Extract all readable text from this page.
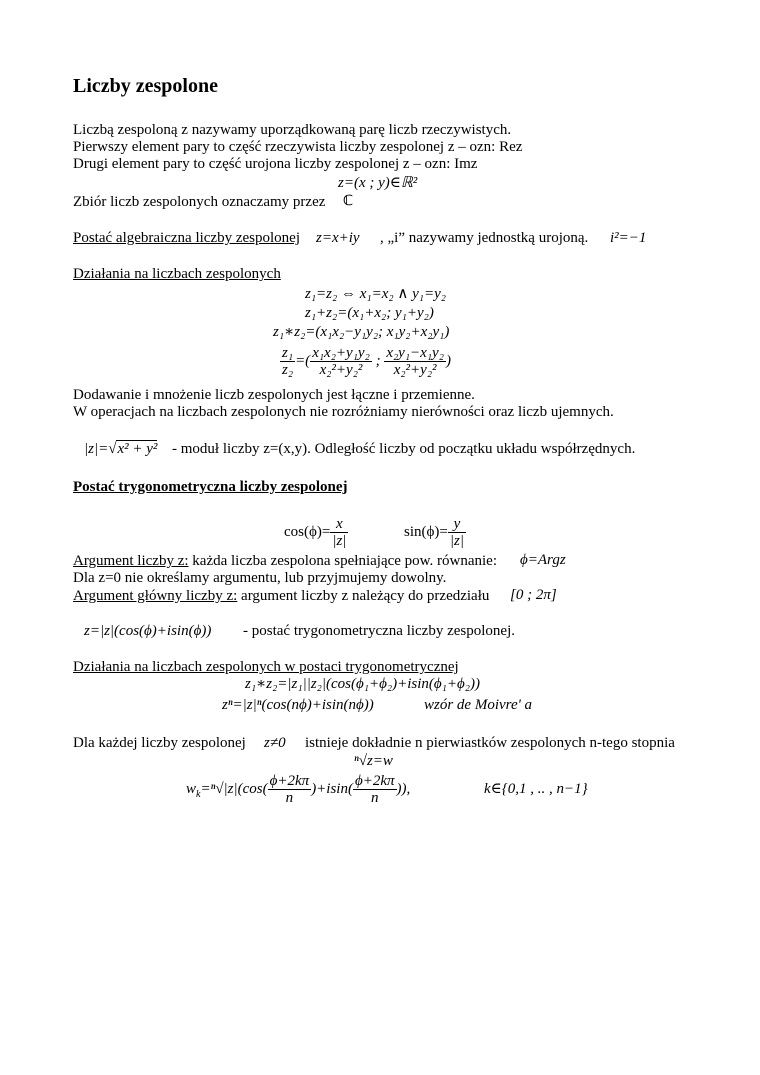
Liczby zespolone
Liczbą zespoloną z nazywamy uporządkowaną parę liczb rzeczywistych.
Pierwszy element pary to część rzeczywista liczby zespolonej z – ozn: Rez
Drugi element pary to część urojona liczby zespolonej z – ozn: Imz
z=(x ; y)∈ℝ²
Zbiór liczb zespolonych oznaczamy przez ℂ
Postać algebraiczna liczby zespolonej z=x+iy , „i” nazywamy jednostką urojoną. i²=−1
Działania na liczbach zespolonych
z₁=z₂ ⇔ x₁=x₂ ∧ y₁=y₂
z₁+z₂=(x₁+x₂; y₁+y₂)
z₁∗z₂=(x₁x₂−y₁y₂; x₁y₂+x₂y₁)
$\frac{\text{z₁}}{\text{z₂}}$ =( $\frac{\text{x₁x₂+y₁y₂}}{\text{x₂²+y₂²}}$ ; $\frac{\text{x₂y₁−x₁y₂}}{\text{x₂²+y₂²}}$ )
Dodawanie i mnożenie liczb zespolonych jest łączne i przemienne.
W operacjach na liczbach zespolonych nie rozróżniamy nierówności oraz liczb ujemnych.
|z|=√x² + y² - moduł liczby z=(x,y). Odległość liczby od początku układu współrzędnych.
Postać trygonometryczna liczby zespolonej
$\cos(\phi)= \frac{x}{|z|}$	$\sin(\phi)= \frac{y}{|z|}$
Argument liczby z: każda liczba zespolona spełniające pow. równanie: ϕ=Argz
Dla z=0 nie określamy argumentu, lub przyjmujemy dowolny.
Argument główny liczby z: argument liczby z należący do przedziału [0 ; 2π]
z=|z|(cos(ϕ)+isin(ϕ)) - postać trygonometryczna liczby zespolonej.
Działania na liczbach zespolonych w postaci trygonometrycznej
z₁∗z₂=|z₁||z₂|(cos(ϕ₁+ϕ₂)+isin(ϕ₁+ϕ₂))
zⁿ=|z|ⁿ(cos(nϕ)+isin(nϕ))	wzór de Moivre' a
Dla każdej liczby zespolonej z≠0 istnieje dokładnie n pierwiastków zespolonych n-tego stopnia
ⁿ√z=w
$w_k=^n√|z|(\cos( \frac{\phi+2k\pi}{n} )+isin( \frac{\phi+2k\pi}{n}$ )),	k∈{0,1 , .. , n−1}
